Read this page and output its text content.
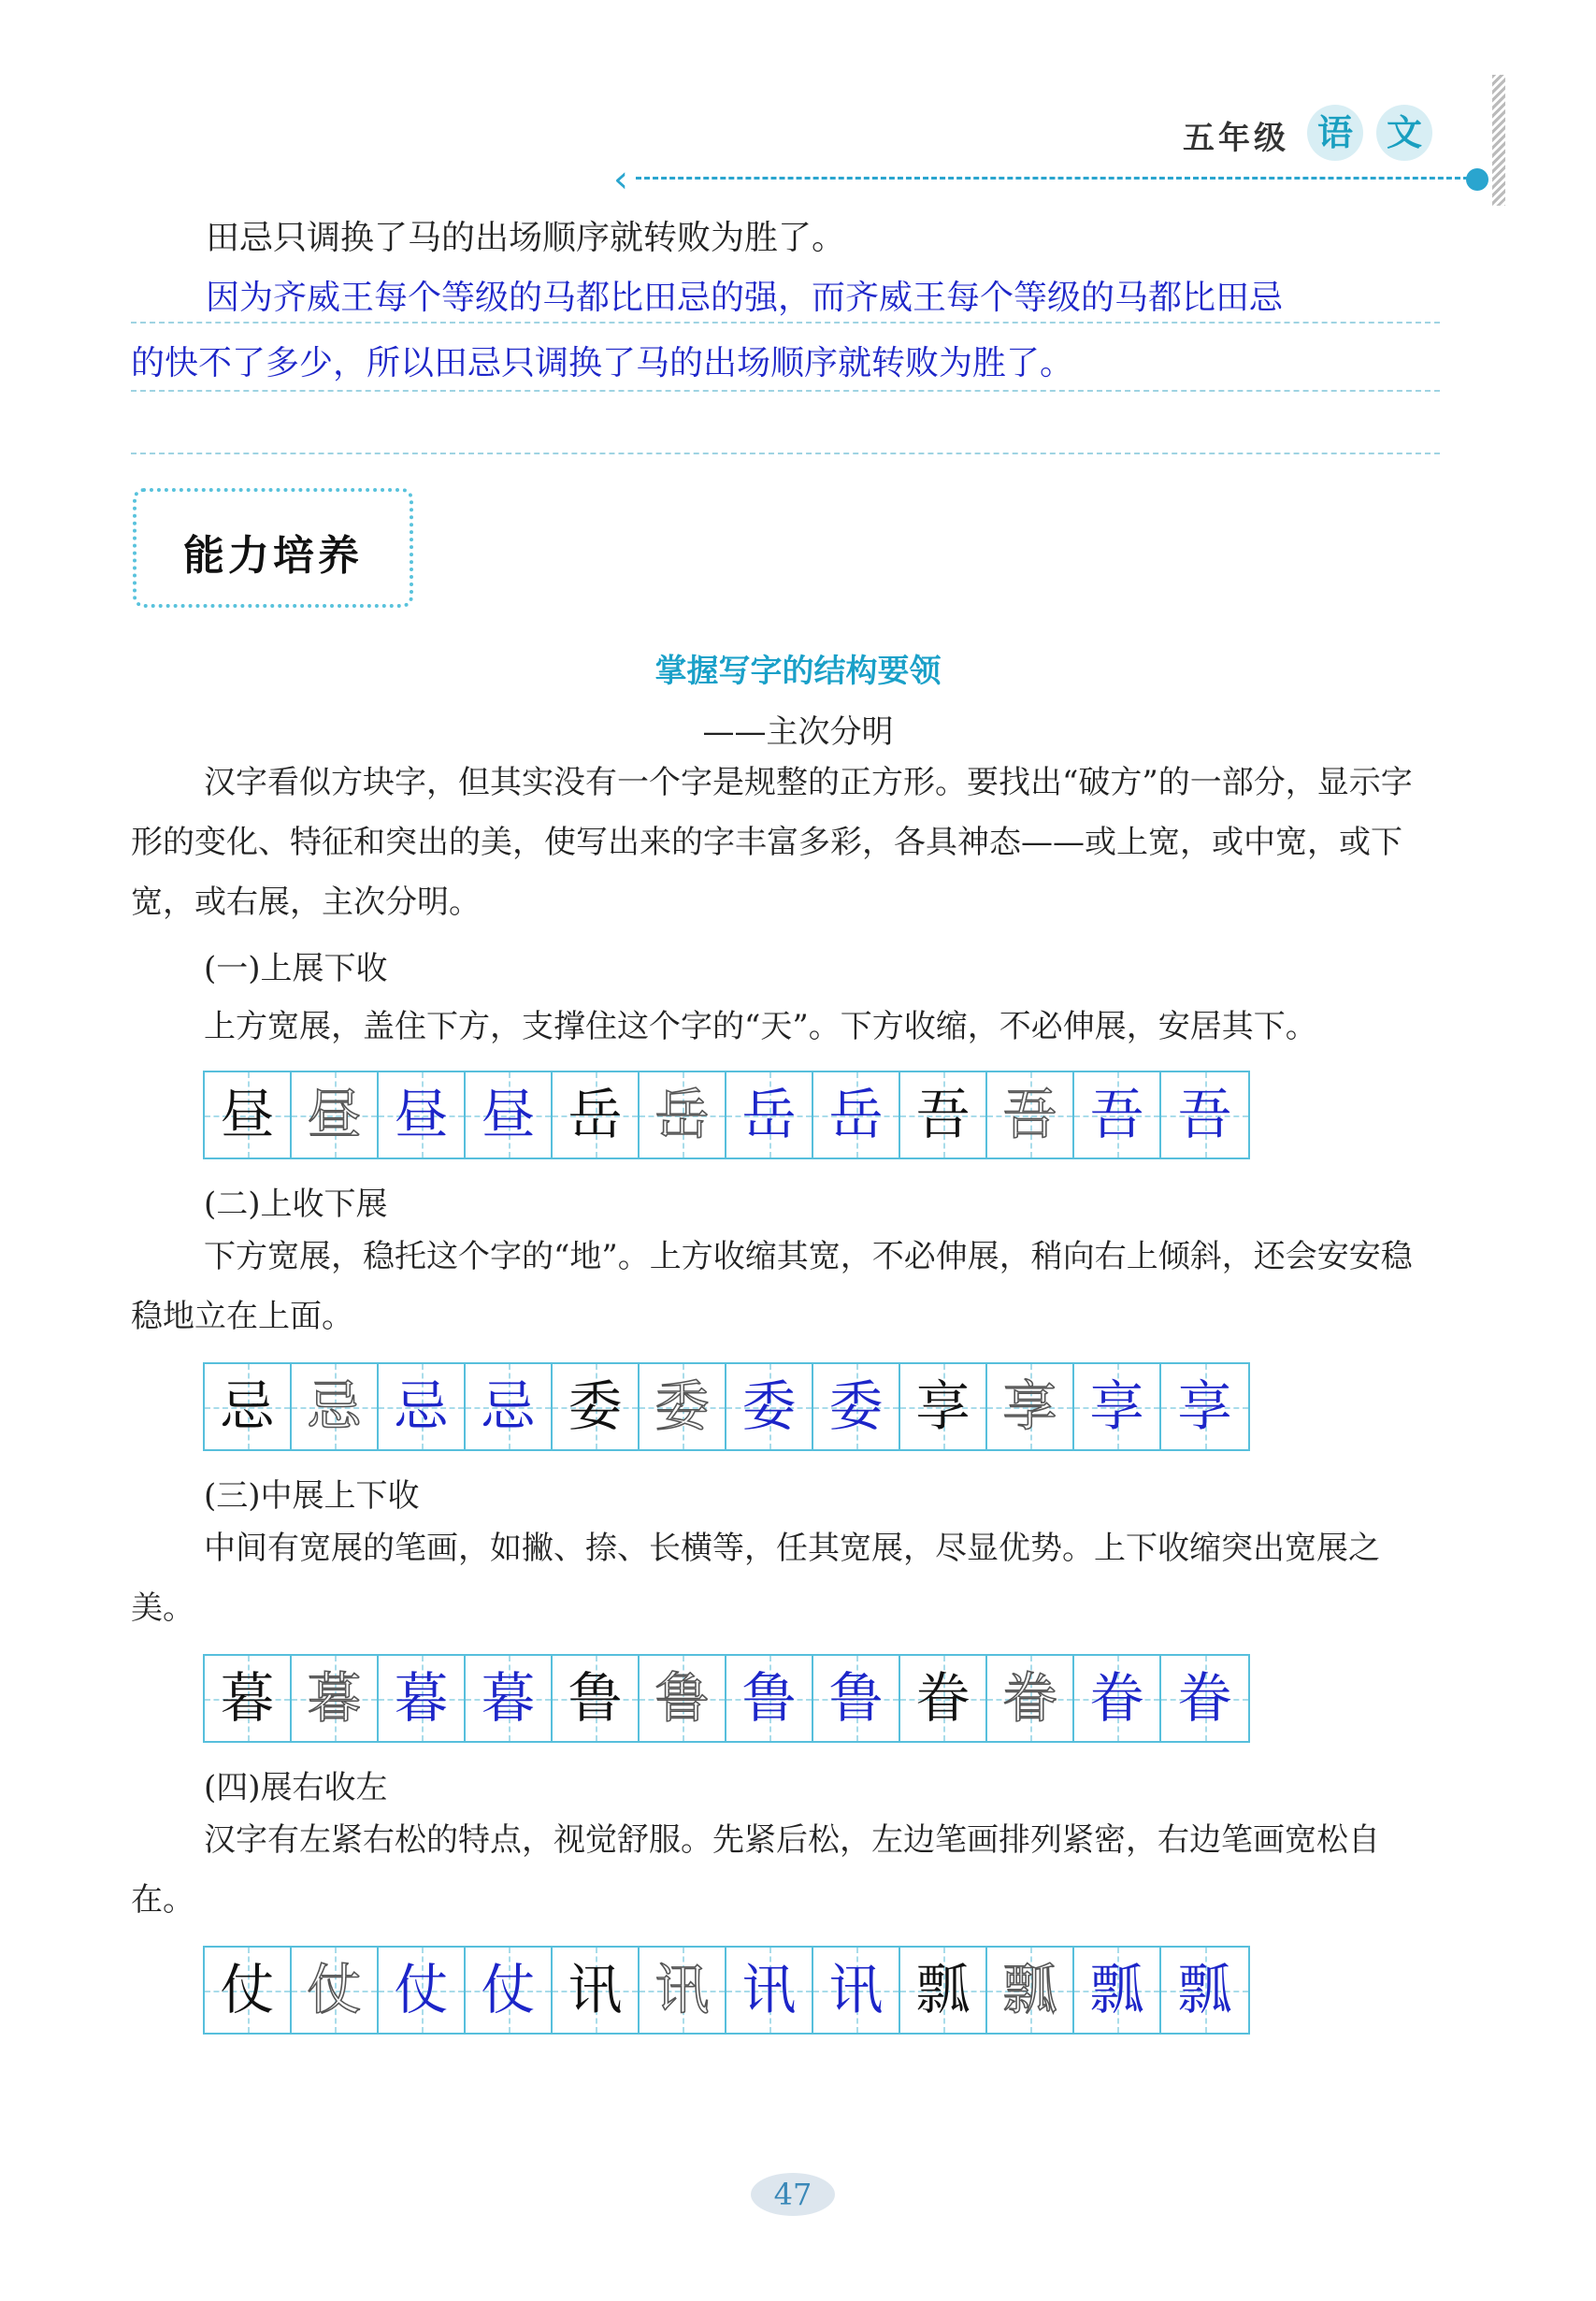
五年级 语 文
‹
田忌只调换了马的出场顺序就转败为胜了。
因为齐威王每个等级的马都比田忌的强，而齐威王每个等级的马都比田忌
的快不了多少，所以田忌只调换了马的出场顺序就转败为胜了。
能力培养
掌握写字的结构要领
——主次分明
汉字看似方块字，但其实没有一个字是规整的正方形。要找出“破方”的一部分，显示字形的变化、特征和突出的美，使写出来的字丰富多彩，各具神态——或上宽，或中宽，或下宽，或右展，主次分明。
(一)上展下收
上方宽展，盖住下方，支撑住这个字的“天”。下方收缩，不必伸展，安居其下。
昼 昼 昼 昼 岳 岳 岳 岳 吾 吾 吾 吾
(二)上收下展
下方宽展，稳托这个字的“地”。上方收缩其宽，不必伸展，稍向右上倾斜，还会安安稳稳地立在上面。
忌 忌 忌 忌 委 委 委 委 享 享 享 享
(三)中展上下收
中间有宽展的笔画，如撇、捺、长横等，任其宽展，尽显优势。上下收缩突出宽展之美。
暮 暮 暮 暮 鲁 鲁 鲁 鲁 眷 眷 眷 眷
(四)展右收左
汉字有左紧右松的特点，视觉舒服。先紧后松，左边笔画排列紧密，右边笔画宽松自在。
仗 仗 仗 仗 讯 讯 讯 讯 瓢 瓢 瓢 瓢
47
